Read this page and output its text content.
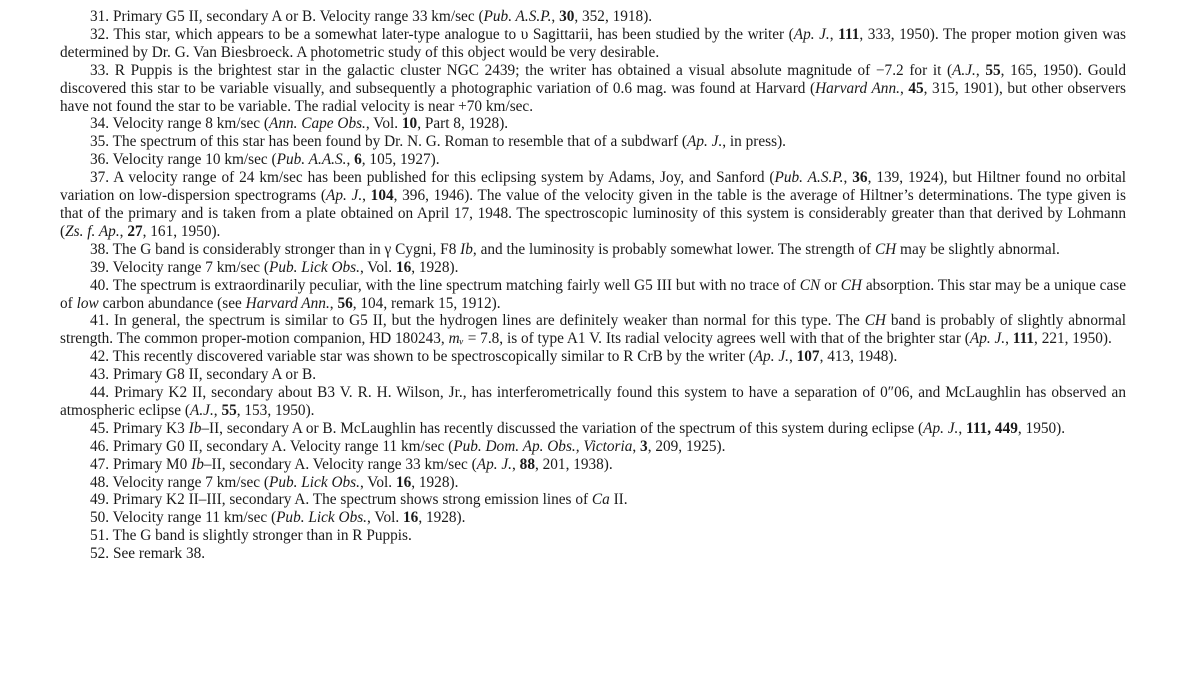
31. Primary G5 II, secondary A or B. Velocity range 33 km/sec (Pub. A.S.P., 30, 352, 1918).

32. This star, which appears to be a somewhat later-type analogue to υ Sagittarii, has been studied by the writer (Ap. J., 111, 333, 1950). The proper motion given was determined by Dr. G. Van Biesbroeck. A photometric study of this object would be very desirable.

33. R Puppis is the brightest star in the galactic cluster NGC 2439; the writer has obtained a visual absolute magnitude of −7.2 for it (A.J., 55, 165, 1950). Gould discovered this star to be variable visually, and subsequently a photographic variation of 0.6 mag. was found at Harvard (Harvard Ann., 45, 315, 1901), but other observers have not found the star to be variable. The radial velocity is near +70 km/sec.

34. Velocity range 8 km/sec (Ann. Cape Obs., Vol. 10, Part 8, 1928).

35. The spectrum of this star has been found by Dr. N. G. Roman to resemble that of a subdwarf (Ap. J., in press).

36. Velocity range 10 km/sec (Pub. A.A.S., 6, 105, 1927).

37. A velocity range of 24 km/sec has been published for this eclipsing system by Adams, Joy, and Sanford (Pub. A.S.P., 36, 139, 1924), but Hiltner found no orbital variation on low-dispersion spectrograms (Ap. J., 104, 396, 1946). The value of the velocity given in the table is the average of Hiltner’s determinations. The type given is that of the primary and is taken from a plate obtained on April 17, 1948. The spectroscopic luminosity of this system is considerably greater than that derived by Lohmann (Zs. f. Ap., 27, 161, 1950).

38. The G band is considerably stronger than in γ Cygni, F8 Ib, and the luminosity is probably somewhat lower. The strength of CH may be slightly abnormal.

39. Velocity range 7 km/sec (Pub. Lick Obs., Vol. 16, 1928).

40. The spectrum is extraordinarily peculiar, with the line spectrum matching fairly well G5 III but with no trace of CN or CH absorption. This star may be a unique case of low carbon abundance (see Harvard Ann., 56, 104, remark 15, 1912).

41. In general, the spectrum is similar to G5 II, but the hydrogen lines are definitely weaker than normal for this type. The CH band is probably of slightly abnormal strength. The common proper-motion companion, HD 180243, mᵥ = 7.8, is of type A1 V. Its radial velocity agrees well with that of the brighter star (Ap. J., 111, 221, 1950).

42. This recently discovered variable star was shown to be spectroscopically similar to R CrB by the writer (Ap. J., 107, 413, 1948).

43. Primary G8 II, secondary A or B.

44. Primary K2 II, secondary about B3 V. R. H. Wilson, Jr., has interferometrically found this system to have a separation of 0″06, and McLaughlin has observed an atmospheric eclipse (A.J., 55, 153, 1950).

45. Primary K3 Ib–II, secondary A or B. McLaughlin has recently discussed the variation of the spectrum of this system during eclipse (Ap. J., 111, 449, 1950).

46. Primary G0 II, secondary A. Velocity range 11 km/sec (Pub. Dom. Ap. Obs., Victoria, 3, 209, 1925).

47. Primary M0 Ib–II, secondary A. Velocity range 33 km/sec (Ap. J., 88, 201, 1938).

48. Velocity range 7 km/sec (Pub. Lick Obs., Vol. 16, 1928).

49. Primary K2 II–III, secondary A. The spectrum shows strong emission lines of Ca II.

50. Velocity range 11 km/sec (Pub. Lick Obs., Vol. 16, 1928).

51. The G band is slightly stronger than in R Puppis.

52. See remark 38.
